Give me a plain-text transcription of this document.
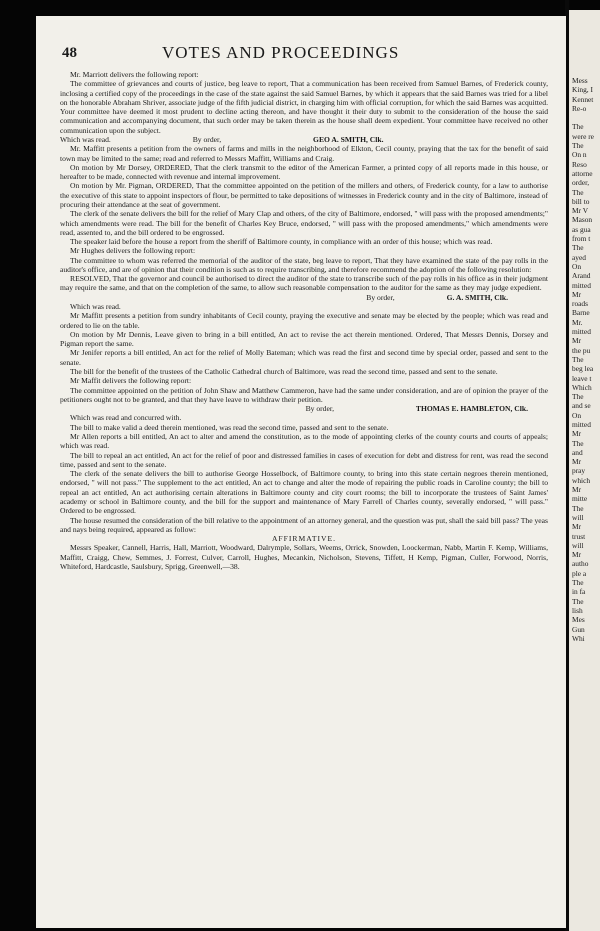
48	VOTES AND PROCEEDINGS

Mr. Marriott delivers the following report:

The committee of grievances and courts of justice, beg leave to report, That a communication has been received from Samuel Barnes, of Frederick county, inclosing a certified copy of the proceedings in the case of the state against the said Samuel Barnes, by which it appears that the said Barnes was tried for a libel on the honorable Abraham Shriver, associate judge of the fifth judicial district, in charging him with official corruption, for which the said Barnes was acquitted. Your committee have deemed it most prudent to decline acting thereon, and have thought it their duty to submit to the consideration of the house the said communication and accompanying document, that such order may be taken therein as the house shall deem expedient. Your committee have received no other communication upon the subject.

Which was read.	By order,	GEO A. SMITH, Clk.

Mr. Maffitt presents a petition from the owners of farms and mills in the neighborhood of Elkton, Cecil county, praying that the tax for the benefit of said town may be limited to the same; read and referred to Messrs Maffitt, Williams and Craig.

On motion by Mr Dorsey, ORDERED, That the clerk transmit to the editor of the American Farmer, a printed copy of all reports made in this house, or hereafter to be made, connected with revenue and internal improvement.

On motion by Mr. Pigman, ORDERED, That the committee appointed on the petition of the millers and others, of Frederick county, for a law to authorise the executive of this state to appoint inspectors of flour, be permitted to take depositions of witnesses in Frederick county and in the city of Baltimore, instead of procuring their attendance at the seat of government.

The clerk of the senate delivers the bill for the relief of Mary Clap and others, of the city of Baltimore, endorsed, " will pass with the proposed amendments;" which amendments were read. The bill for the benefit of Charles Key Bruce, endorsed, " will pass with the proposed amendments," which amendments were read, assented to, and the bill ordered to be engrossed.

The speaker laid before the house a report from the sheriff of Baltimore county, in compliance with an order of this house; which was read.

Mr Hughes delivers the following report:

The committee to whom was referred the memorial of the auditor of the state, beg leave to report, That they have examined the state of the pay rolls in the auditor's office, and are of opinion that their condition is such as to require transcribing, and therefore recommend the adoption of the following resolution:

RESOLVED, That the governor and council be authorised to direct the auditor of the state to transcribe such of the pay rolls in his office as in their judgment may require the same, and that on the completion of the same, to allow such reasonable compensation to the auditor for the same as they may judge expedient.

By order,	G. A. SMITH, Clk.

Which was read.

Mr Maffitt presents a petition from sundry inhabitants of Cecil county, praying the executive and senate may be elected by the people; which was read and ordered to lie on the table.

On motion by Mr Dennis, Leave given to bring in a bill entitled, An act to revise the act therein mentioned. Ordered, That Messrs Dennis, Dorsey and Pigman report the same.

Mr Jenifer reports a bill entitled, An act for the relief of Molly Bateman; which was read the first and second time by special order, passed and sent to the senate.

The bill for the benefit of the trustees of the Catholic Cathedral church of Baltimore, was read the second time, passed and sent to the senate.

Mr Maffit delivers the following report:

The committee appointed on the petition of John Shaw and Matthew Cammeron, have had the same under consideration, and are of opinion the prayer of the petitioners ought not to be granted, and that they have leave to withdraw their petition.

By order,	THOMAS E. HAMBLETON, Clk.

Which was read and concurred with.

The bill to make valid a deed therein mentioned, was read the second time, passed and sent to the senate.

Mr Allen reports a bill entitled, An act to alter and amend the constitution, as to the mode of appointing clerks of the county courts and courts of appeals; which was read.

The bill to repeal an act entitled, An act for the relief of poor and distressed families in cases of execution for debt and distress for rent, was read the second time, passed and sent to the senate.

The clerk of the senate delivers the bill to authorise George Hosselbock, of Baltimore county, to bring into this state certain negroes therein mentioned, endorsed, " will not pass." The supplement to the act entitled, An act to change and alter the mode of repairing the public roads in Caroline county; the bill to repeal an act entitled, An act authorising certain alterations in Baltimore county and city court rooms; the bill to incorporate the trustees of Saint James' academy or school in Baltimore county, and the bill for the support and maintenance of Mary Farrell of Charles county, severally endorsed, " will pass." Ordered to be engrossed.

The house resumed the consideration of the bill relative to the appointment of an attorney general, and the question was put, shall the said bill pass? The yeas and nays being required, appeared as follow:

AFFIRMATIVE.

Messrs Speaker, Cannell, Harris, Hall, Marriott, Woodward, Dalrymple, Sollars, Weems, Orrick, Snowden, Loockerman, Nabb, Martin F. Kemp, Williams, Maffitt, Craigg, Chew, Semmes, J. Forrest, Culver, Carroll, Hughes, Mecankin, Nicholson, Stevens, Tiffett, H Kemp, Pigman, Culler, Forwood, Norris, Whiteford, Hardcastle, Saulsbury, Sprigg, Greenwell,—38.

Mess
King, I
Kennet
Re-o

The
were re
The
On n
Reso
attorne
order,
The
bill to
Mr V
Mason
as gua
from t
The
ayed
On
Arand
mitted
Mr
roads
Barne
Mr.
mitted
Mr
the pu
The
beg lea
leave t
Which
The
and se
On
mitted
Mr
The
and
Mr
pray
which
Mr
mitte
The
will
Mr
trust
will
Mr
autho
ple a
The
in fa
The
lish
Mes
Gun
Whi
